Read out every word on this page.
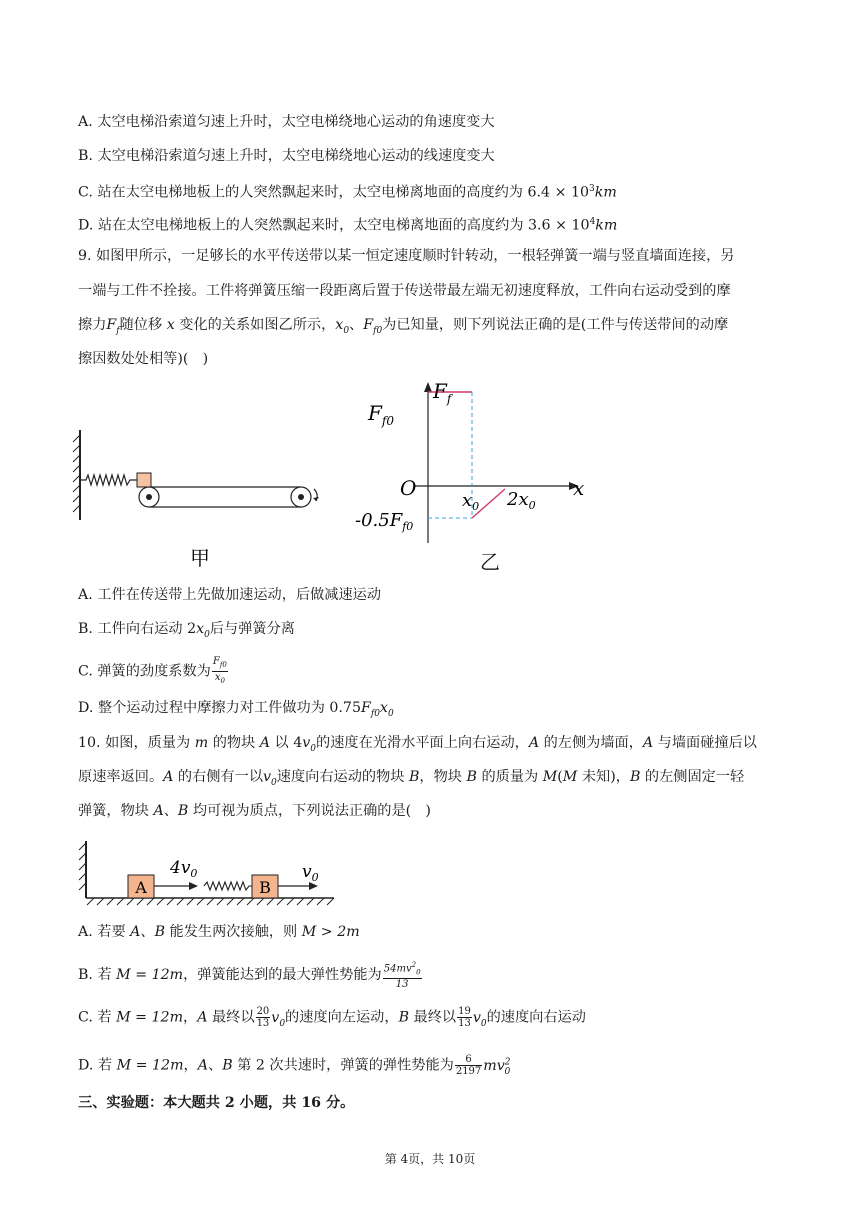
A. 太空电梯沿索道匀速上升时，太空电梯绕地心运动的角速度变大
B. 太空电梯沿索道匀速上升时，太空电梯绕地心运动的线速度变大
C. 站在太空电梯地板上的人突然飘起来时，太空电梯离地面的高度约为 $6.4 \times 10^3km$
D. 站在太空电梯地板上的人突然飘起来时，太空电梯离地面的高度约为 $3.6 \times 10^4km$
9. 如图甲所示，一足够长的水平传送带以某一恒定速度顺时针转动，一根轻弹簧一端与竖直墙面连接，另
一端与工件不拴接。工件将弹簧压缩一段距离后置于传送带最左端无初速度释放，工件向右运动受到的摩
擦力$F_f$随位移 x 变化的关系如图乙所示，$x_0$、$F_{f0}$为已知量，则下列说法正确的是(工件与传送带间的动摩
擦因数处处相等)(　)
甲
$F_f$
$F_{f0}$
O	x
$x_0$ $2x_0$
$-0.5F_{f0}$
乙
A. 工件在传送带上先做加速运动，后做减速运动
B. 工件向右运动 $2x_0$后与弹簧分离
C. 弹簧的劲度系数为 $\frac{F_{f0}}{x_0}$
D. 整个运动过程中摩擦力对工件做功为 $0.75F_{f0}x_0$
10. 如图，质量为 m 的物块 A 以 $4v_0$的速度在光滑水平面上向右运动，A 的左侧为墙面，A 与墙面碰撞后以
原速率返回。A 的右侧有一以$v_0$速度向右运动的物块 B，物块 B 的质量为 M(M 未知)，B 的左侧固定一轻
弹簧，物块 A、B 均可视为质点，下列说法正确的是(　)
A
$4v_0$
B
$v_0$
A. 若要 A、B 能发生两次接触，则 M > 2m
B. 若 M = 12m，弹簧能达到的最大弹性势能为 $\frac{54mv^2_0}{13}$
C. 若 M = 12m，A 最终以 $\frac{20}{13} v_0$的速度向左运动，B 最终以 $\frac{19}{13} v_0$的速度向右运动
D. 若 M = 12m，A、B 第 2 次共速时，弹簧的弹性势能为 $\frac{6}{2197} mv^2_0$
三、实验题：本大题共 2 小题，共 16 分。
第 4页，共 10页
